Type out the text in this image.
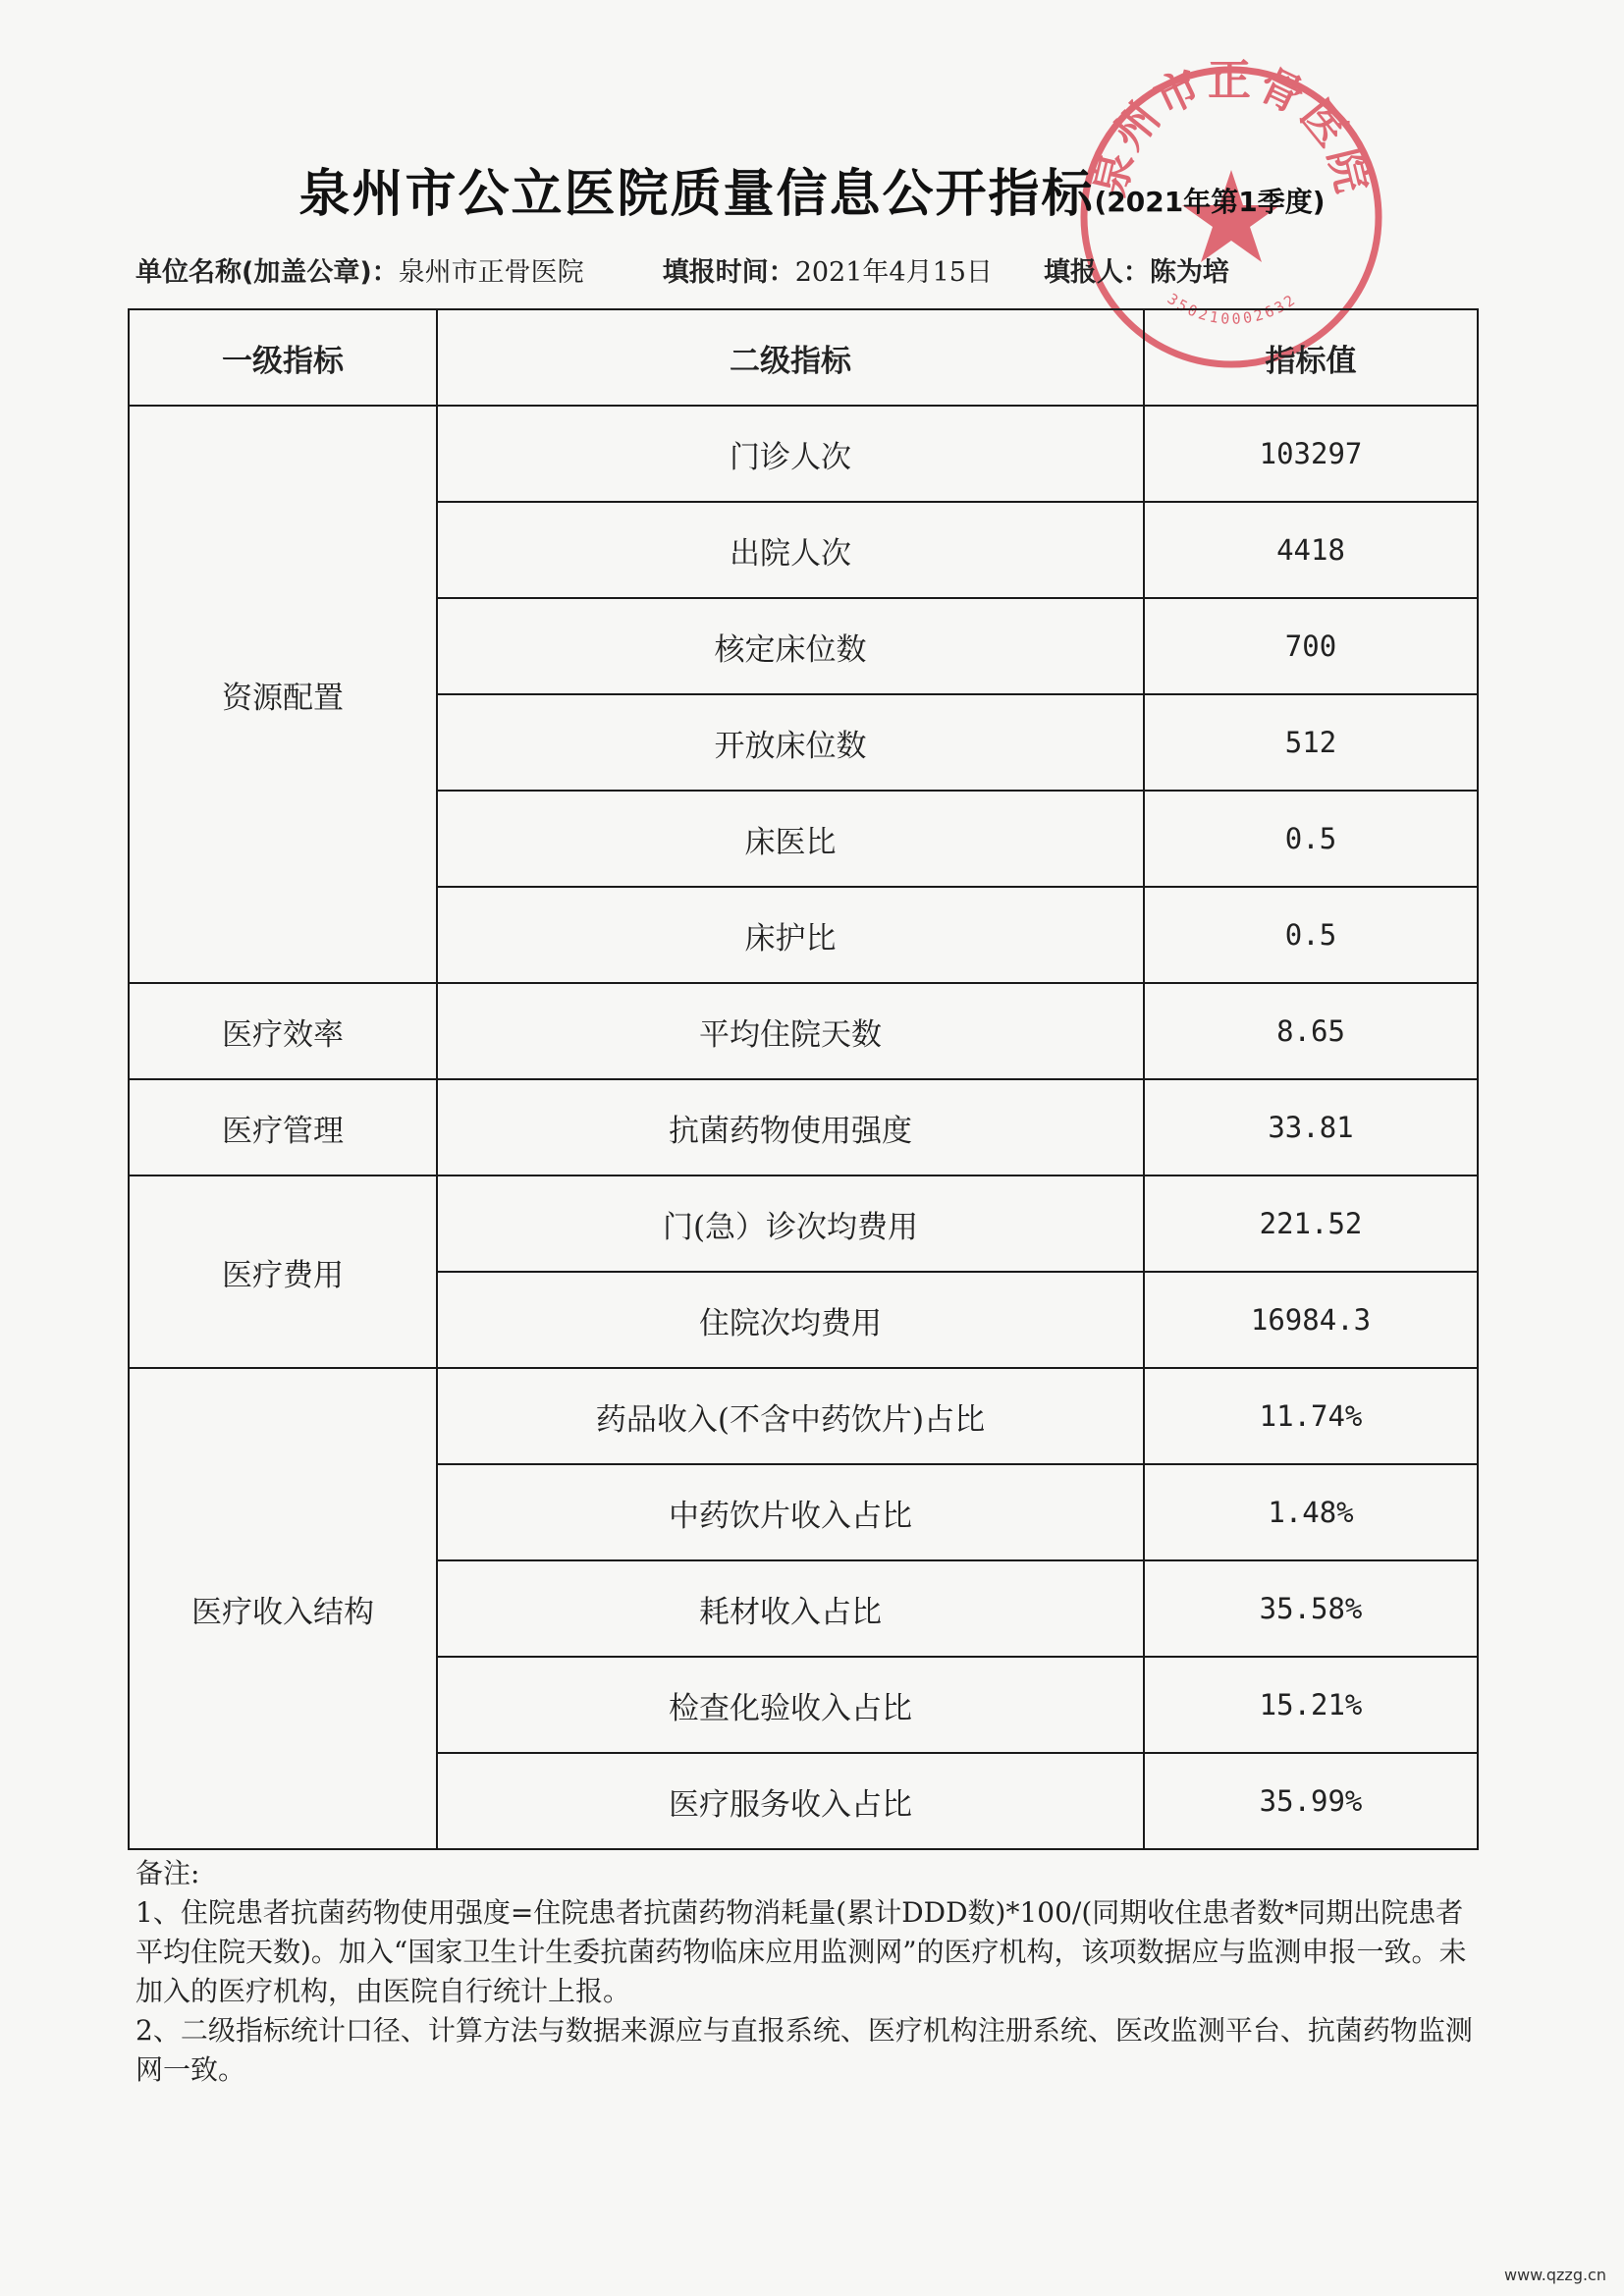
泉州市正骨医院
350210002632
泉州市公立医院质量信息公开指标(2021年第1季度)
单位名称(加盖公章)：泉州市正骨医院	填报时间：2021年4月15日 填报人：陈为培
一级指标	二级指标	指标值
资源配置	门诊人次	103297
	出院人次	4418
	核定床位数	700
	开放床位数	512
	床医比	0.5
	床护比	0.5
医疗效率	平均住院天数	8.65
医疗管理	抗菌药物使用强度	33.81
医疗费用	门(急）诊次均费用	221.52
	住院次均费用	16984.3
医疗收入结构	药品收入(不含中药饮片)占比	11.74%
	中药饮片收入占比	1.48%
	耗材收入占比	35.58%
	检查化验收入占比	15.21%
	医疗服务收入占比	35.99%

备注:

1、住院患者抗菌药物使用强度=住院患者抗菌药物消耗量(累计DDD数)*100/(同期收住患者数*同期出院患者平均住院天数)。加入“国家卫生计生委抗菌药物临床应用监测网”的医疗机构，该项数据应与监测申报一致。未加入的医疗机构，由医院自行统计上报。

2、二级指标统计口径、计算方法与数据来源应与直报系统、医疗机构注册系统、医改监测平台、抗菌药物监测网一致。

www.qzzg.cn
